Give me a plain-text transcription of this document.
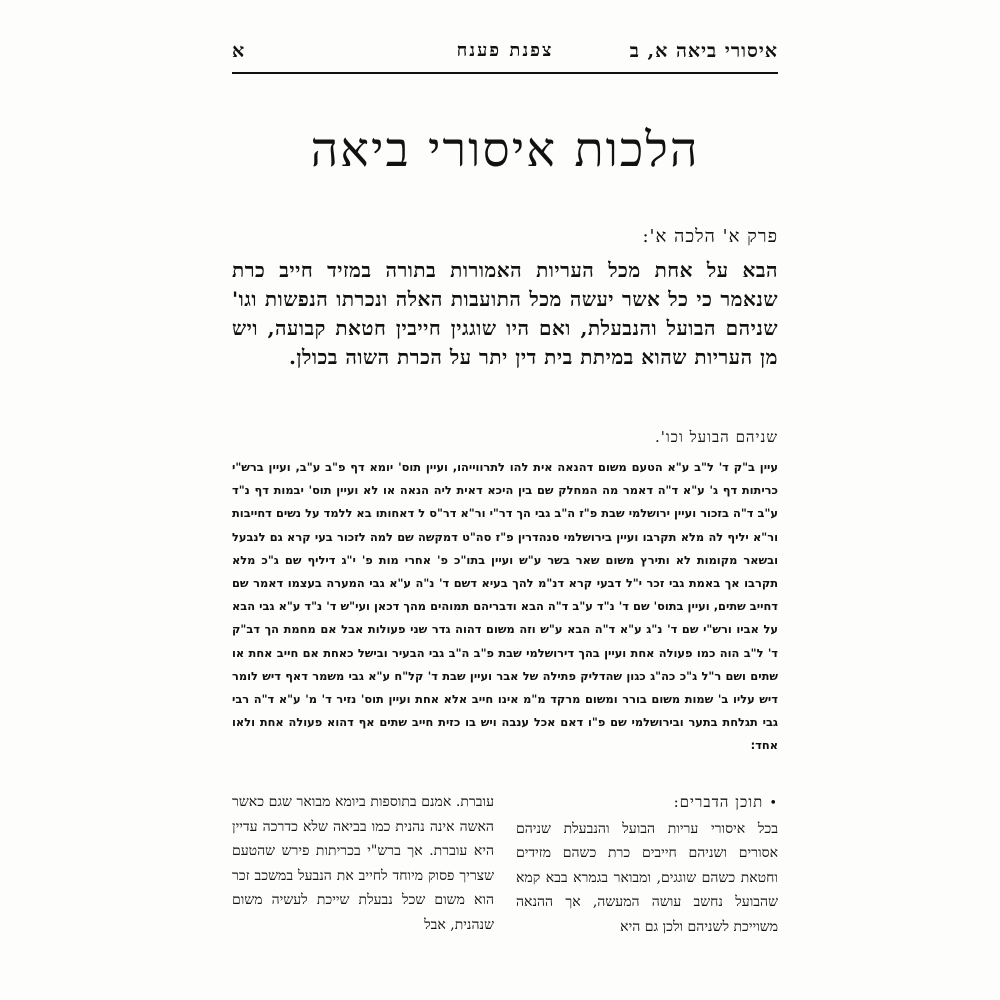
איסורי ביאה א, ב
צפנת פענח
א
הלכות איסורי ביאה
פרק א' הלכה א':
הבא על אחת מכל העריות האמורות בתורה במזיד חייב כרת שנאמר כי כל אשר יעשה מכל התועבות האלה ונכרתו הנפשות וגו' שניהם הבועל והנבעלת, ואם היו שוגגין חייבין חטאת קבועה, ויש מן העריות שהוא במיתת בית דין יתר על הכרת השוה בכולן.
שניהם הבועל וכו'.
עיין ב"ק ד' ל"ב ע"א הטעם משום דהנאה אית להו לתרווייהו, ועיין תוס' יומא דף פ"ב ע"ב, ועיין ברש"י כריתות דף ג' ע"א ד"ה דאמר מה המחלק שם בין היכא דאית ליה הנאה או לא ועיין תוס' יבמות דף נ"ד ע"ב ד"ה בזכור ועיין ירושלמי שבת פ"ז ה"ב גבי הך דר"י ור"א דר"ס ל דאחותו בא ללמד על נשים דחייבות ור"א יליף לה מלא תקרבו ועיין בירושלמי סנהדרין פ"ז סה"ט דמקשה שם למה לזכור בעי קרא גם לנבעל ובשאר מקומות לא ותירץ משום שאר בשר ע"ש ועיין בתו"כ פ' אחרי מות פ' י"ג דיליף שם ג"כ מלא תקרבו אך באמת גבי זכר י"ל דבעי קרא דנ"מ להך בעיא דשם ד' נ"ה ע"א גבי המערה בעצמו דאמר שם דחייב שתים, ועיין בתוס' שם ד' נ"ד ע"ב ד"ה הבא ודבריהם תמוהים מהך דכאן ועי"ש ד' נ"ד ע"א גבי הבא על אביו ורש"י שם ד' נ"ג ע"א ד"ה הבא ע"ש וזה משום דהוה גדר שני פעולות אבל אם מחמת הך דב"ק ד' ל"ב הוה כמו פעולה אחת ועיין בהך דירושלמי שבת פ"ב ה"ב גבי הבעיר ובישל כאחת אם חייב אחת או שתים ושם ר"ל ג"כ כה"ג כגון שהדליק פתילה של אבר ועיין שבת ד' קל"ח ע"א גבי משמר דאף דיש לומר דיש עליו ב' שמות משום בורר ומשום מרקד מ"מ אינו חייב אלא אחת ועיין תוס' נזיר ד' מ' ע"א ד"ה רבי גבי תגלחת בתער ובירושלמי שם פ"ו דאם אכל ענבה ויש בו כזית חייב שתים אף דהוא פעולה אחת ולאו אחד:
•תוכן הדברים:
בכל איסורי עריות הבועל והנבעלת שניהם אסורים ושניהם חייבים כרת כשהם מזידים וחטאת כשהם שוגגים, ומבואר בגמרא בבא קמא שהבועל נחשב עושה המעשה, אך ההנאה משוייכת לשניהם ולכן גם היא
עוברת. אמנם בתוספות ביומא מבואר שגם כאשר האשה אינה נהנית כמו בביאה שלא כדרכה עדיין היא עוברת. אך ברש"י בכריתות פירש שהטעם שצריך פסוק מיוחד לחייב את הנבעל במשכב זכר הוא משום שכל נבעלת שייכת לעשיה משום שנהנית, אבל
